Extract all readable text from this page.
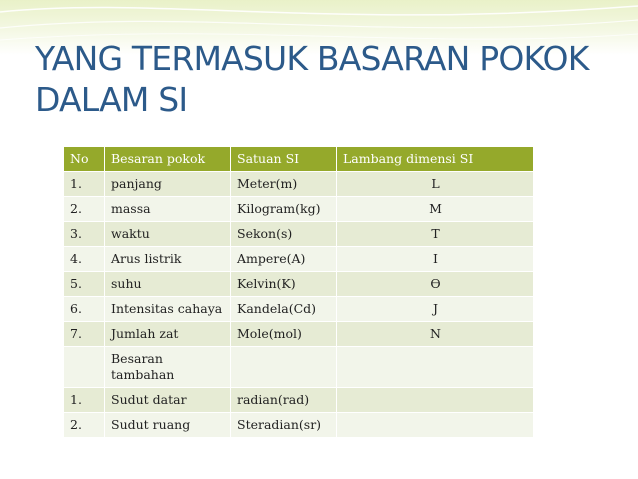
YANG TERMASUK BASARAN POKOK DALAM SI
No	Besaran pokok	Satuan SI	Lambang dimensi SI
1.	panjang	Meter(m)	L
2.	massa	Kilogram(kg)	M
3.	waktu	Sekon(s)	T
4.	Arus listrik	Ampere(A)	I
5.	suhu	Kelvin(K)	Ө
6.	Intensitas cahaya	Kandela(Cd)	J
7.	Jumlah zat	Mole(mol)	N
	Besaran tambahan		
1.	Sudut datar	radian(rad)	
2.	Sudut ruang	Steradian(sr)	
